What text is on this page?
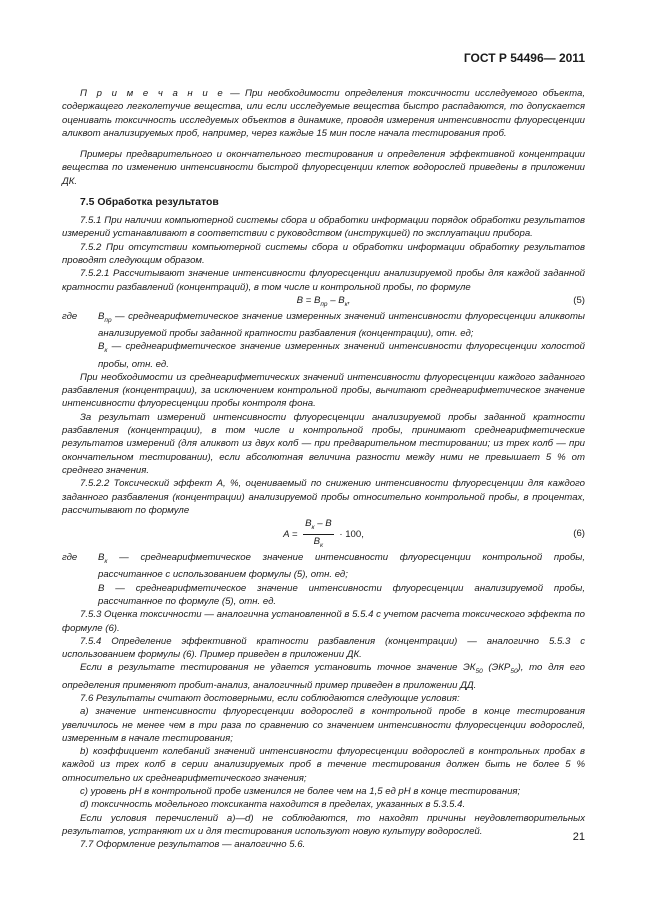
ГОСТ Р 54496— 2011

П р и м е ч а н и е — При необходимости определения токсичности исследуемого объекта, содержащего легколетучие вещества, или если исследуемые вещества быстро распадаются, то допускается оценивать токсичность исследуемых объектов в динамике, проводя измерения интенсивности флуоресценции аликвот анализируемых проб, например, через каждые 15 мин после начала тестирования проб.

Примеры предварительного и окончательного тестирования и определения эффективной концентрации вещества по изменению интенсивности быстрой флуоресценции клеток водорослей приведены в приложении ДК.

7.5 Обработка результатов

7.5.1 При наличии компьютерной системы сбора и обработки информации порядок обработки результатов измерений устанавливают в соответствии с руководством (инструкцией) по эксплуатации прибора.

7.5.2 При отсутствии компьютерной системы сбора и обработки информации обработку результатов проводят следующим образом.

7.5.2.1 Рассчитывают значение интенсивности флуоресценции анализируемой пробы для каждой заданной кратности разбавлений (концентраций), в том числе и контрольной пробы, по формуле

$B = B_{пр} - B_к$,	(5)

где $B_{пр}$ — среднеарифметическое значение измеренных значений интенсивности флуоресценции аликвоты анализируемой пробы заданной кратности разбавления (концентрации), отн. ед;

$B_к$ — среднеарифметическое значение измеренных значений интенсивности флуоресценции холостой пробы, отн. ед.

При необходимости из среднеарифметических значений интенсивности флуоресценции каждого заданного разбавления (концентрации), за исключением контрольной пробы, вычитают среднеарифметическое значение интенсивности флуоресценции пробы контроля фона.

За результат измерений интенсивности флуоресценции анализируемой пробы заданной кратности разбавления (концентрации), в том числе и контрольной пробы, принимают среднеарифметические результатов измерений (для аликвот из двух колб — при предварительном тестировании; из трех колб — при окончательном тестировании), если абсолютная величина разности между ними не превышает 5 % от среднего значения.

7.5.2.2 Токсический эффект A, %, оцениваемый по снижению интенсивности флуоресценции для каждого заданного разбавления (концентрации) анализируемой пробы относительно контрольной пробы, в процентах, рассчитывают по формуле

$A = \frac{B_к - B}{B_к} \cdot 100$,	(6)

где $B_к$ — среднеарифметическое значение интенсивности флуоресценции контрольной пробы, рассчитанное с использованием формулы (5), отн. ед;

B — среднеарифметическое значение интенсивности флуоресценции анализируемой пробы, рассчитанное по формуле (5), отн. ед.

7.5.3 Оценка токсичности — аналогична установленной в 5.5.4 с учетом расчета токсического эффекта по формуле (6).

7.5.4 Определение эффективной кратности разбавления (концентрации) — аналогично 5.5.3 с использованием формулы (6). Пример приведен в приложении ДК.

Если в результате тестирования не удается установить точное значение $ЭК_{50}$ $(ЭКР_{50})$, то для его определения применяют пробит-анализ, аналогичный пример приведен в приложении ДД.

7.6 Результаты считают достоверными, если соблюдаются следующие условия:

а) значение интенсивности флуоресценции водорослей в контрольной пробе в конце тестирования увеличилось не менее чем в три раза по сравнению со значением интенсивности флуоресценции водорослей, измеренным в начале тестирования;

b) коэффициент колебаний значений интенсивности флуоресценции водорослей в контрольных пробах в каждой из трех колб в серии анализируемых проб в течение тестирования должен быть не более 5 % относительно их среднеарифметического значения;

с) уровень рН в контрольной пробе изменился не более чем на 1,5 ед рН в конце тестирования;

d) токсичность модельного токсиканта находится в пределах, указанных в 5.3.5.4.

Если условия перечислений а)—d) не соблюдаются, то находят причины неудовлетворительных результатов, устраняют их и для тестирования используют новую культуру водорослей.

7.7 Оформление результатов — аналогично 5.6.

21
